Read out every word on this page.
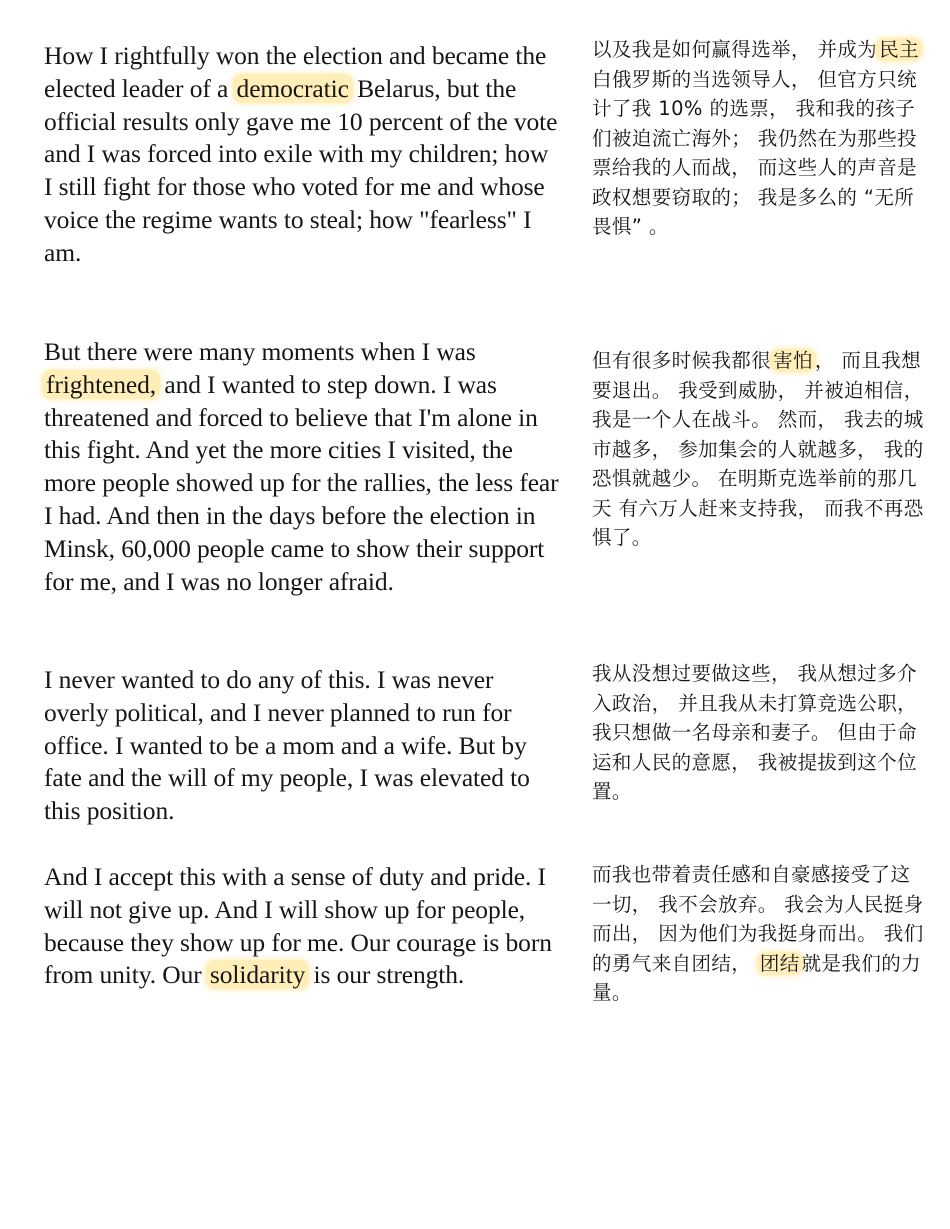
How I rightfully won the election and became the elected leader of a democratic Belarus, but the official results only gave me 10 percent of the vote and I was forced into exile with my children; how I still fight for those who voted for me and whose voice the regime wants to steal; how "fearless" I am.

But there were many moments when I was frightened, and I wanted to step down. I was threatened and forced to believe that I'm alone in this fight. And yet the more cities I visited, the more people showed up for the rallies, the less fear I had. And then in the days before the election in Minsk, 60,000 people came to show their support for me, and I was no longer afraid.

I never wanted to do any of this. I was never overly political, and I never planned to run for office. I wanted to be a mom and a wife. But by fate and the will of my people, I was elevated to this position.

And I accept this with a sense of duty and pride. I will not give up. And I will show up for people, because they show up for me. Our courage is born from unity. Our solidarity is our strength.

以及我是如何赢得选举， 并成为 民主白俄罗斯的当选领导人， 但官方只统计了我 10% 的选票， 我和我的孩子们被迫流亡海外； 我仍然在为那些投票给我的人而战， 而这些人的声音是政权想要窃取的； 我是多么的 “无所畏惧” 。

但有很多时候我都很 害怕 ， 而且我想要退出。 我受到威胁， 并被迫相信， 我是一个人在战斗。 然而， 我去的城市越多， 参加集会的人就越多， 我的恐惧就越少。 在明斯克选举前的那几天 有六万人赶来支持我， 而我不再恐惧了。

我从没想过要做这些， 我从想过多介入政治， 并且我从未打算竞选公职， 我只想做一名母亲和妻子。 但由于命运和人民的意愿， 我被提拔到这个位置。

而我也带着责任感和自豪感接受了这一切， 我不会放弃。 我会为人民挺身而出， 因为他们为我挺身而出。 我们的勇气来自团结， 团结 就是我们的力量。
